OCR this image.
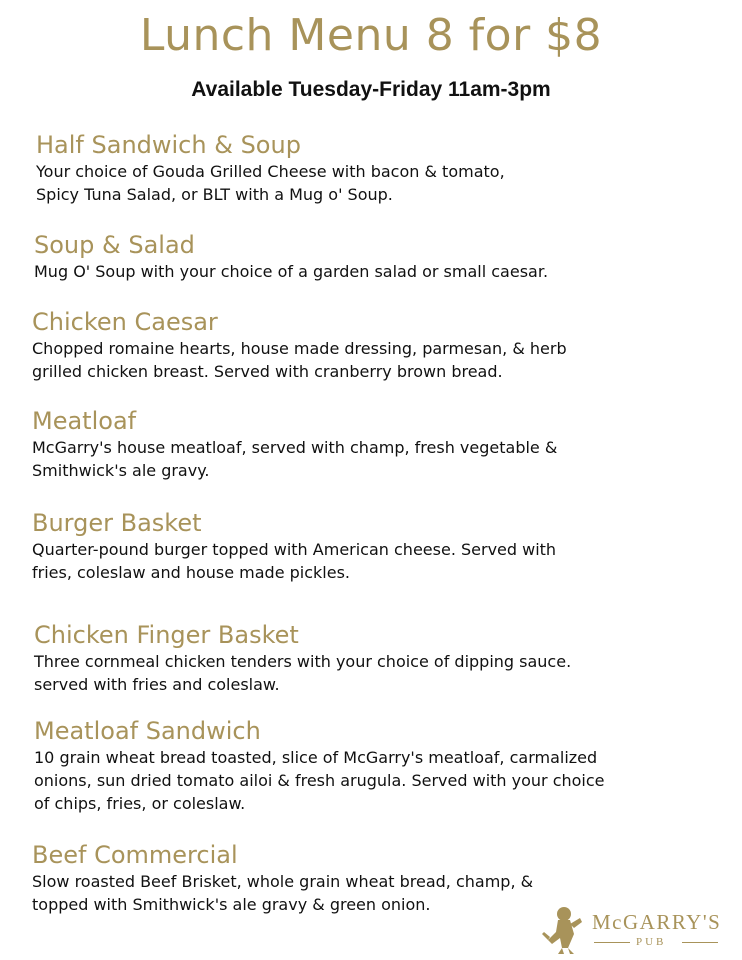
Lunch Menu 8 for $8
Available Tuesday-Friday 11am-3pm
Half Sandwich & Soup
Your choice of Gouda Grilled Cheese with bacon & tomato,
Spicy Tuna Salad, or BLT with a Mug o' Soup.
Soup & Salad
Mug O' Soup with your choice of a garden salad or small caesar.
Chicken Caesar
Chopped romaine hearts, house made dressing, parmesan, & herb
grilled chicken breast. Served with cranberry brown bread.
Meatloaf
McGarry's house meatloaf, served with champ, fresh vegetable &
Smithwick's ale gravy.
Burger Basket
Quarter-pound burger topped with American cheese. Served with
fries, coleslaw and house made pickles.
Chicken Finger Basket
Three cornmeal chicken tenders with your choice of dipping sauce.
served with fries and coleslaw.
Meatloaf Sandwich
10 grain wheat bread toasted, slice of McGarry's meatloaf, carmalized
onions, sun dried tomato ailoi & fresh arugula. Served with your choice
of chips, fries, or coleslaw.
Beef Commercial
Slow roasted Beef Brisket, whole grain wheat bread, champ, &
topped with Smithwick's ale gravy & green onion.
McGARRY'S
PUB
